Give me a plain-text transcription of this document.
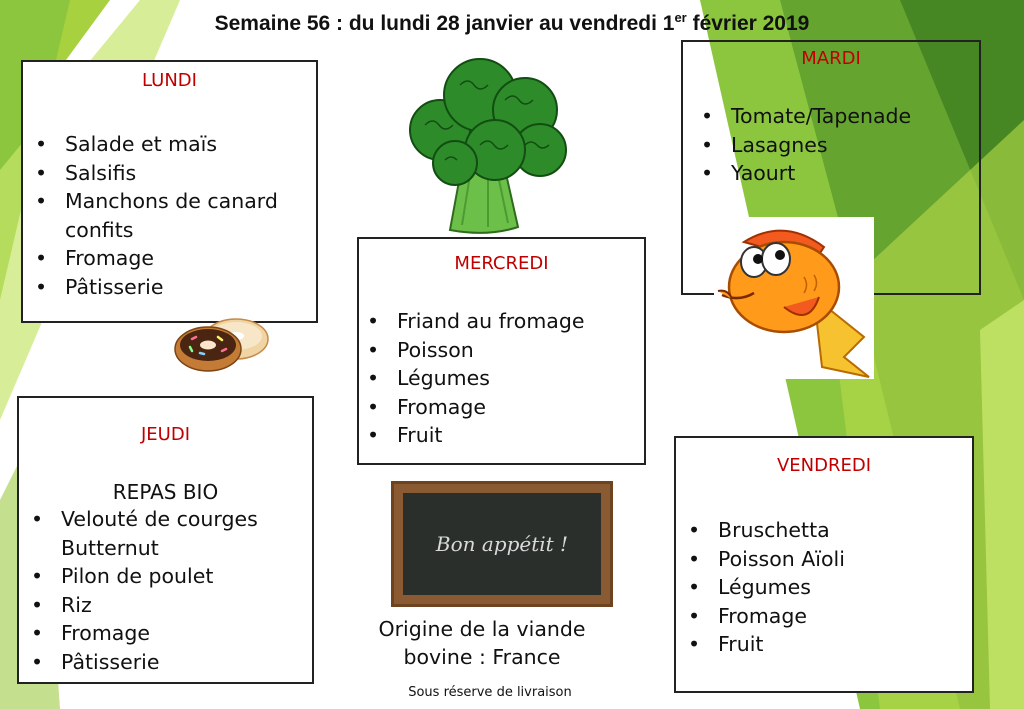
Semaine 56 : du lundi 28 janvier au vendredi 1er février 2019
LUNDI
• Salade et maïs
• Salsifis
• Manchons de canard confits
• Fromage
• Pâtisserie
MARDI
• Tomate/Tapenade
• Lasagnes
• Yaourt
MERCREDI
• Friand au fromage
• Poisson
• Légumes
• Fromage
• Fruit
JEUDI
REPAS BIO
• Velouté de courges Butternut
• Pilon de poulet
• Riz
• Fromage
• Pâtisserie
VENDREDI
• Bruschetta
• Poisson Aïoli
• Légumes
• Fromage
• Fruit
Bon appétit !
Origine de la viande
bovine : France
Sous réserve de livraison
